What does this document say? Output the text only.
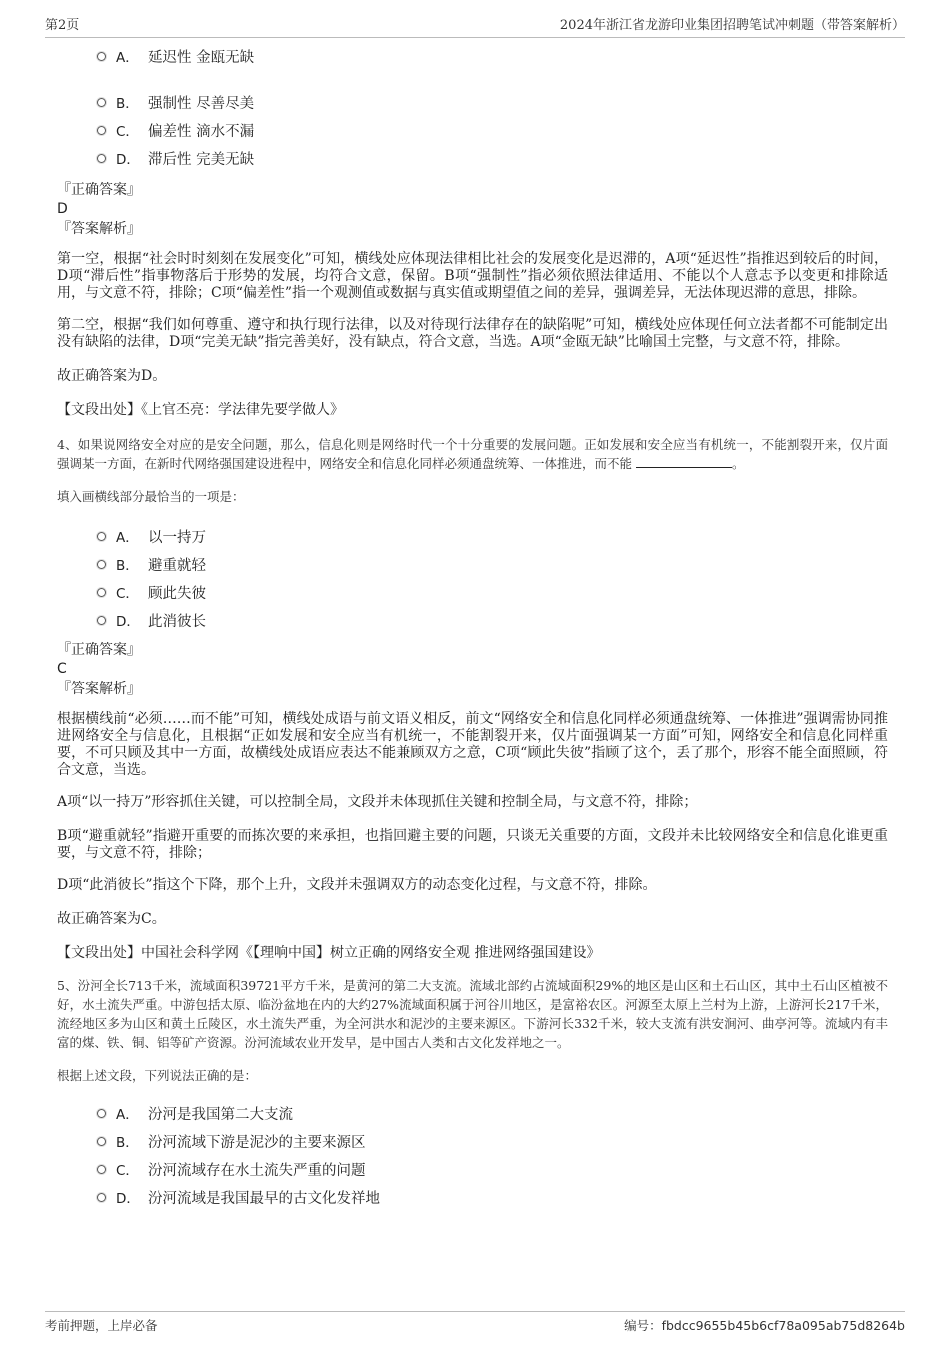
第2页	2024年浙江省龙游印业集团招聘笔试冲刺题（带答案解析）
A． 延迟性 金瓯无缺
B． 强制性 尽善尽美
C． 偏差性 滴水不漏
D． 滞后性 完美无缺

『正确答案』

D

『答案解析』

第一空，根据“社会时时刻刻在发展变化”可知，横线处应体现法律相比社会的发展变化是迟滞的，A项“延迟性”指推迟到较后的时间，D项“滞后性”指事物落后于形势的发展，均符合文意，保留。B项“强制性”指必须依照法律适用、不能以个人意志予以变更和排除适用，与文意不符，排除；C项“偏差性”指一个观测值或数据与真实值或期望值之间的差异，强调差异，无法体现迟滞的意思，排除。

第二空，根据“我们如何尊重、遵守和执行现行法律，以及对待现行法律存在的缺陷呢”可知，横线处应体现任何立法者都不可能制定出没有缺陷的法律，D项“完美无缺”指完善美好，没有缺点，符合文意，当选。A项“金瓯无缺”比喻国土完整，与文意不符，排除。

故正确答案为D。

【文段出处】《上官丕亮：学法律先要学做人》

4、如果说网络安全对应的是安全问题，那么，信息化则是网络时代一个十分重要的发展问题。正如发展和安全应当有机统一，不能割裂开来，仅片面强调某一方面，在新时代网络强国建设进程中，网络安全和信息化同样必须通盘统筹、一体推进，而不能	。

填入画横线部分最恰当的一项是：

A． 以一持万
B． 避重就轻
C． 顾此失彼
D． 此消彼长

『正确答案』

C

『答案解析』

根据横线前“必须……而不能”可知，横线处成语与前文语义相反，前文“网络安全和信息化同样必须通盘统筹、一体推进”强调需协同推进网络安全与信息化，且根据“正如发展和安全应当有机统一，不能割裂开来，仅片面强调某一方面”可知，网络安全和信息化同样重要，不可只顾及其中一方面，故横线处成语应表达不能兼顾双方之意，C项“顾此失彼”指顾了这个，丢了那个，形容不能全面照顾，符合文意，当选。

A项“以一持万”形容抓住关键，可以控制全局，文段并未体现抓住关键和控制全局，与文意不符，排除；

B项“避重就轻”指避开重要的而拣次要的来承担，也指回避主要的问题，只谈无关重要的方面，文段并未比较网络安全和信息化谁更重要，与文意不符，排除；

D项“此消彼长”指这个下降，那个上升，文段并未强调双方的动态变化过程，与文意不符，排除。

故正确答案为C。

【文段出处】中国社会科学网《【理响中国】树立正确的网络安全观 推进网络强国建设》

5、汾河全长713千米，流域面积39721平方千米，是黄河的第二大支流。流域北部约占流域面积29%的地区是山区和土石山区，其中土石山区植被不好，水土流失严重。中游包括太原、临汾盆地在内的大约27%流域面积属于河谷川地区，是富裕农区。河源至太原上兰村为上游，上游河长217千米，流经地区多为山区和黄土丘陵区，水土流失严重，为全河洪水和泥沙的主要来源区。下游河长332千米，较大支流有洪安涧河、曲亭河等。流域内有丰富的煤、铁、铜、铝等矿产资源。汾河流域农业开发早，是中国古人类和古文化发祥地之一。

根据上述文段，下列说法正确的是：

A． 汾河是我国第二大支流
B． 汾河流域下游是泥沙的主要来源区
C． 汾河流域存在水土流失严重的问题
D． 汾河流域是我国最早的古文化发祥地
考前押题，上岸必备	编号：fbdcc9655b45b6cf78a095ab75d8264b
